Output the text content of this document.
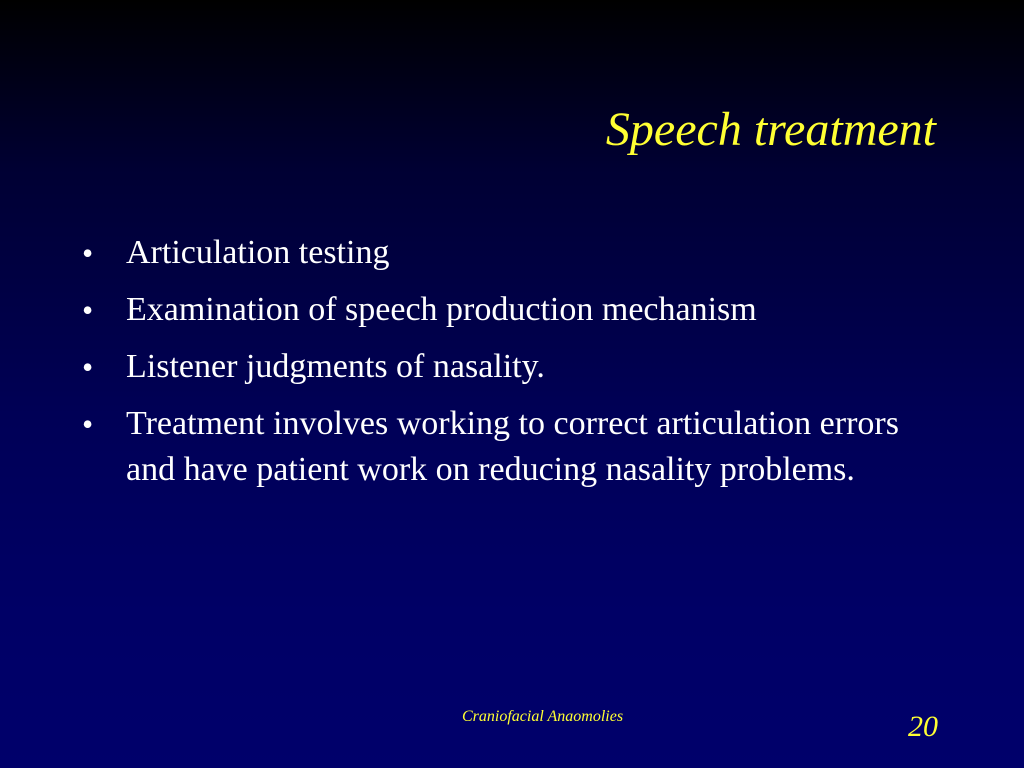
Speech treatment
• Articulation testing
• Examination of speech production mechanism
• Listener judgments of nasality.
• Treatment involves working to correct articulation errors and have patient work on reducing nasality problems.
Craniofacial Anaomolies	20
